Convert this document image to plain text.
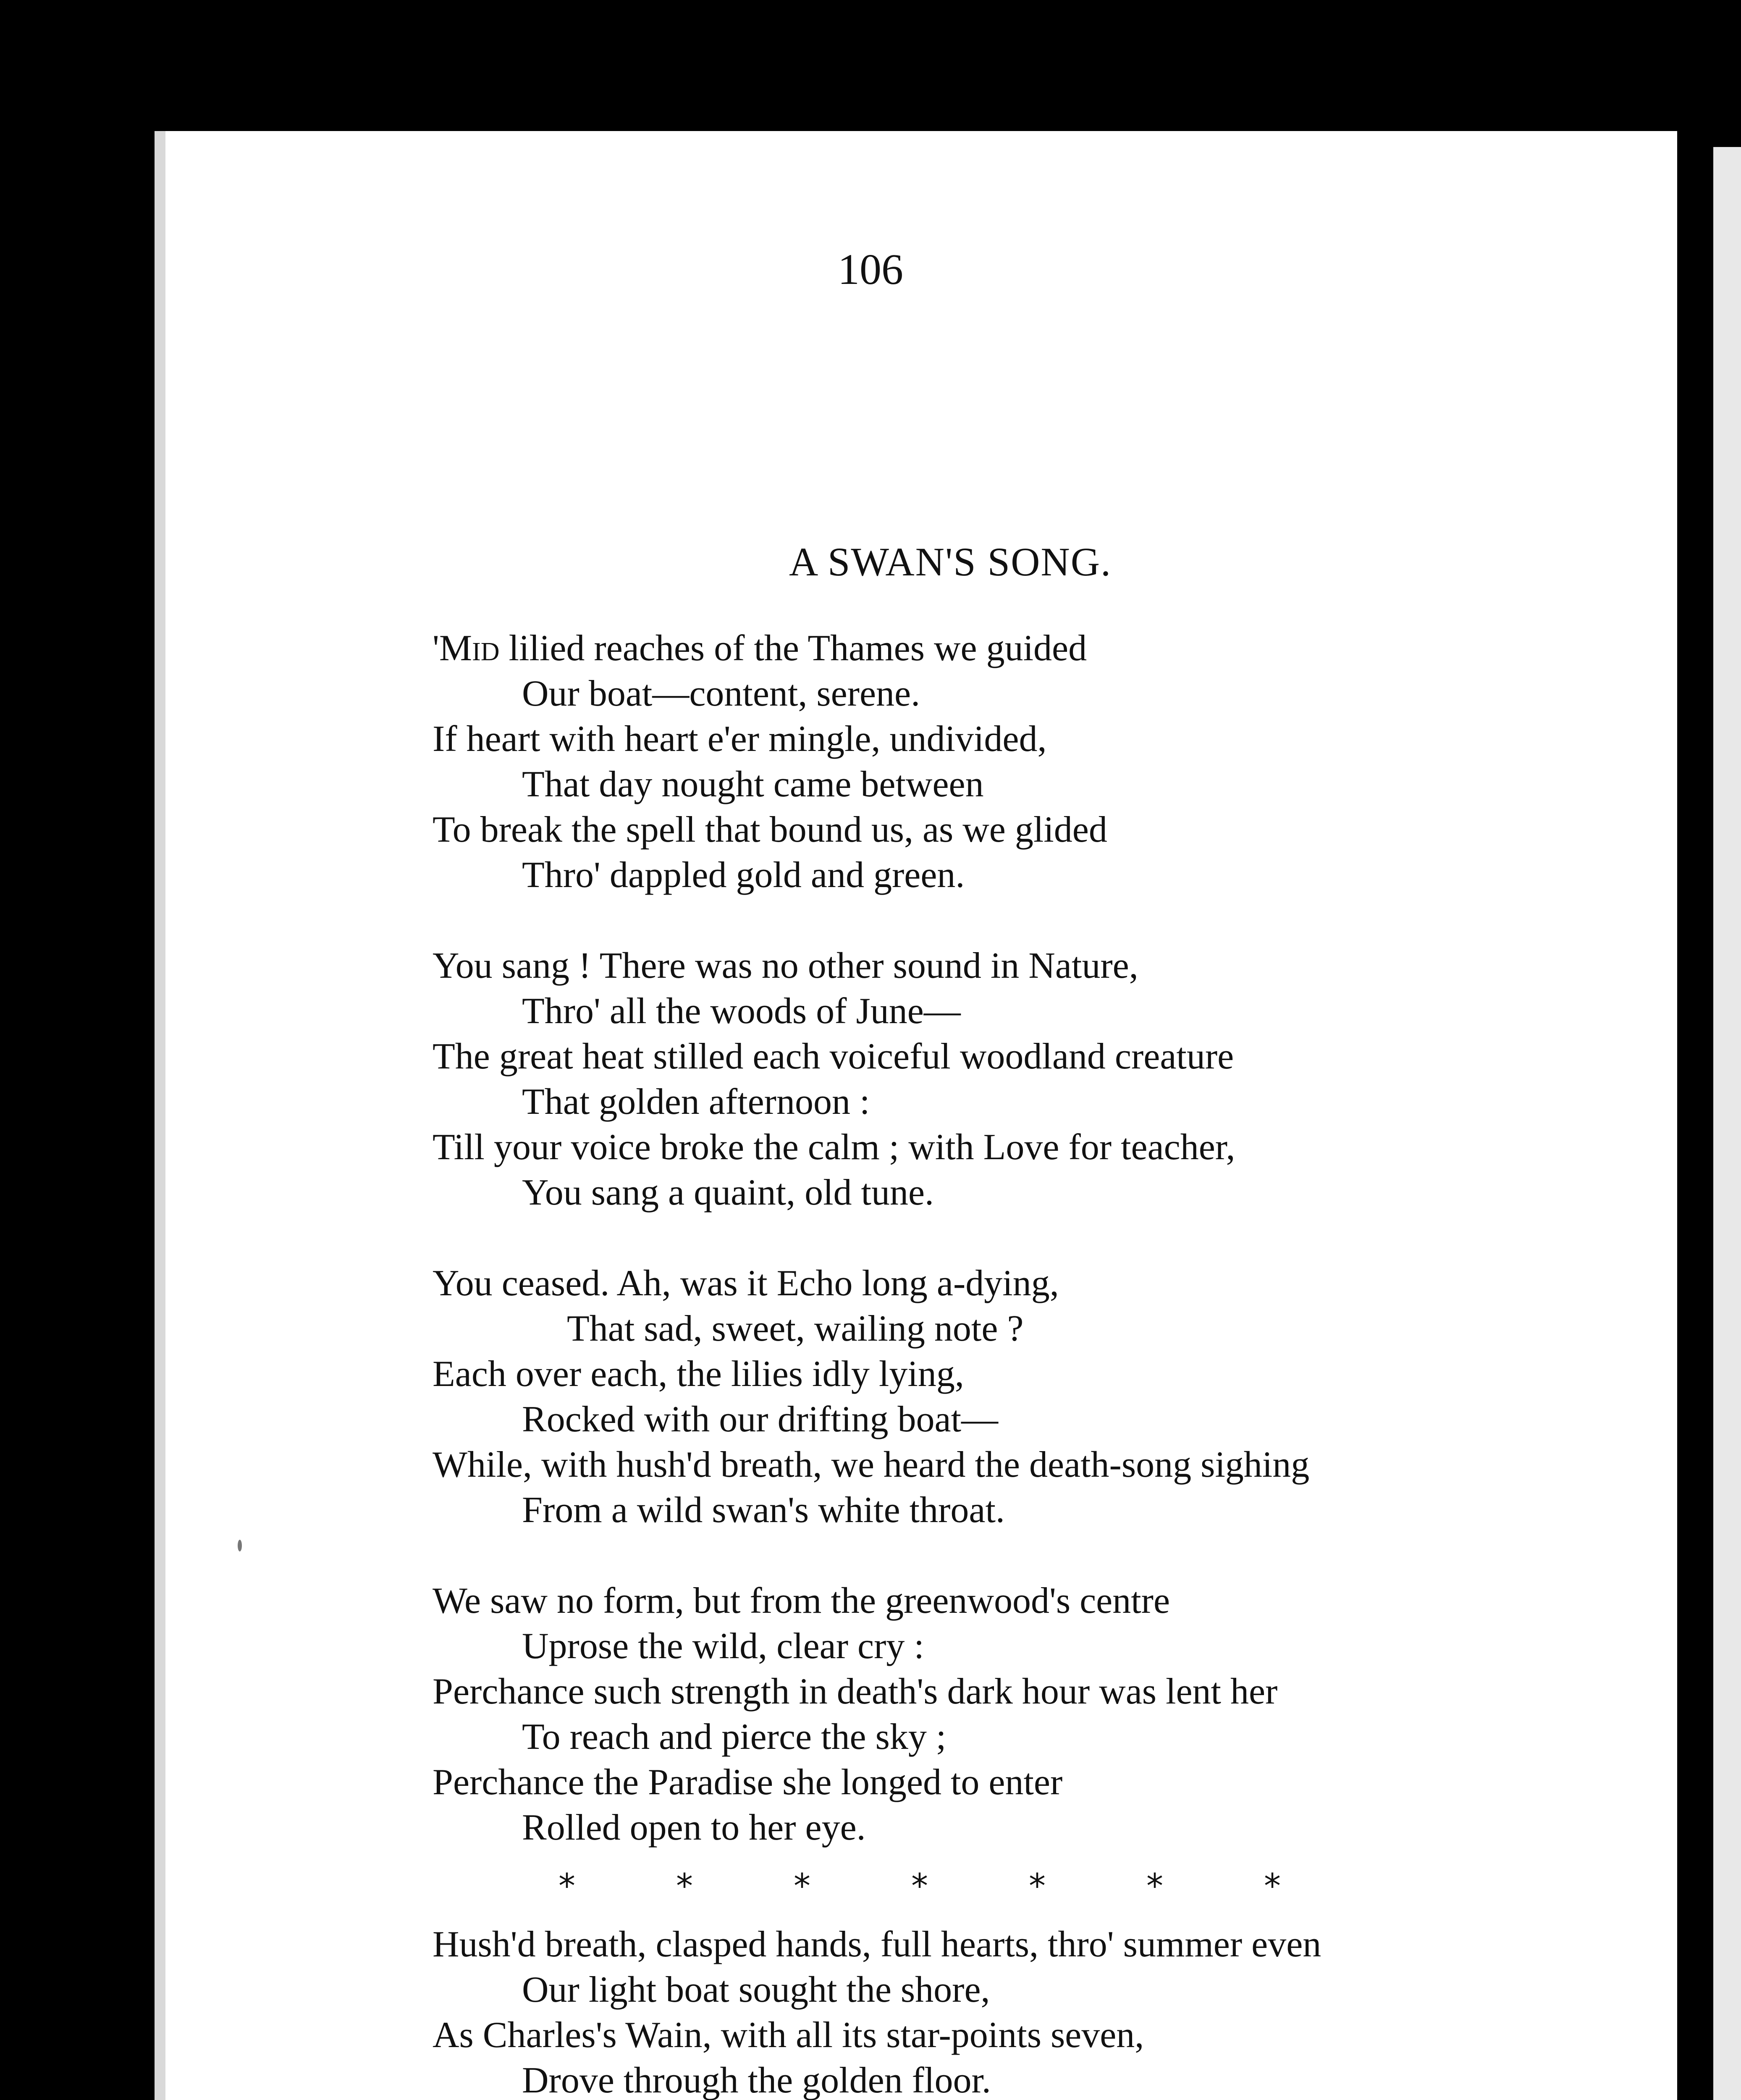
106
A SWAN'S SONG.
'Mid lilied reaches of the Thames we guided
Our boat—content, serene.
If heart with heart e'er mingle, undivided,
That day nought came between
To break the spell that bound us, as we glided
Thro' dappled gold and green.
You sang ! There was no other sound in Nature,
Thro' all the woods of June—
The great heat stilled each voiceful woodland creature
That golden afternoon :
Till your voice broke the calm ; with Love for teacher,
You sang a quaint, old tune.
You ceased. Ah, was it Echo long a-dying,
That sad, sweet, wailing note ?
Each over each, the lilies idly lying,
Rocked with our drifting boat—
While, with hush'd breath, we heard the death-song sighing
From a wild swan's white throat.
We saw no form, but from the greenwood's centre
Uprose the wild, clear cry :
Perchance such strength in death's dark hour was lent her
To reach and pierce the sky ;
Perchance the Paradise she longed to enter
Rolled open to her eye.
*	*	*	*	*	*	*
Hush'd breath, clasped hands, full hearts, thro' summer even
Our light boat sought the shore,
As Charles's Wain, with all its star-points seven,
Drove through the golden floor.
